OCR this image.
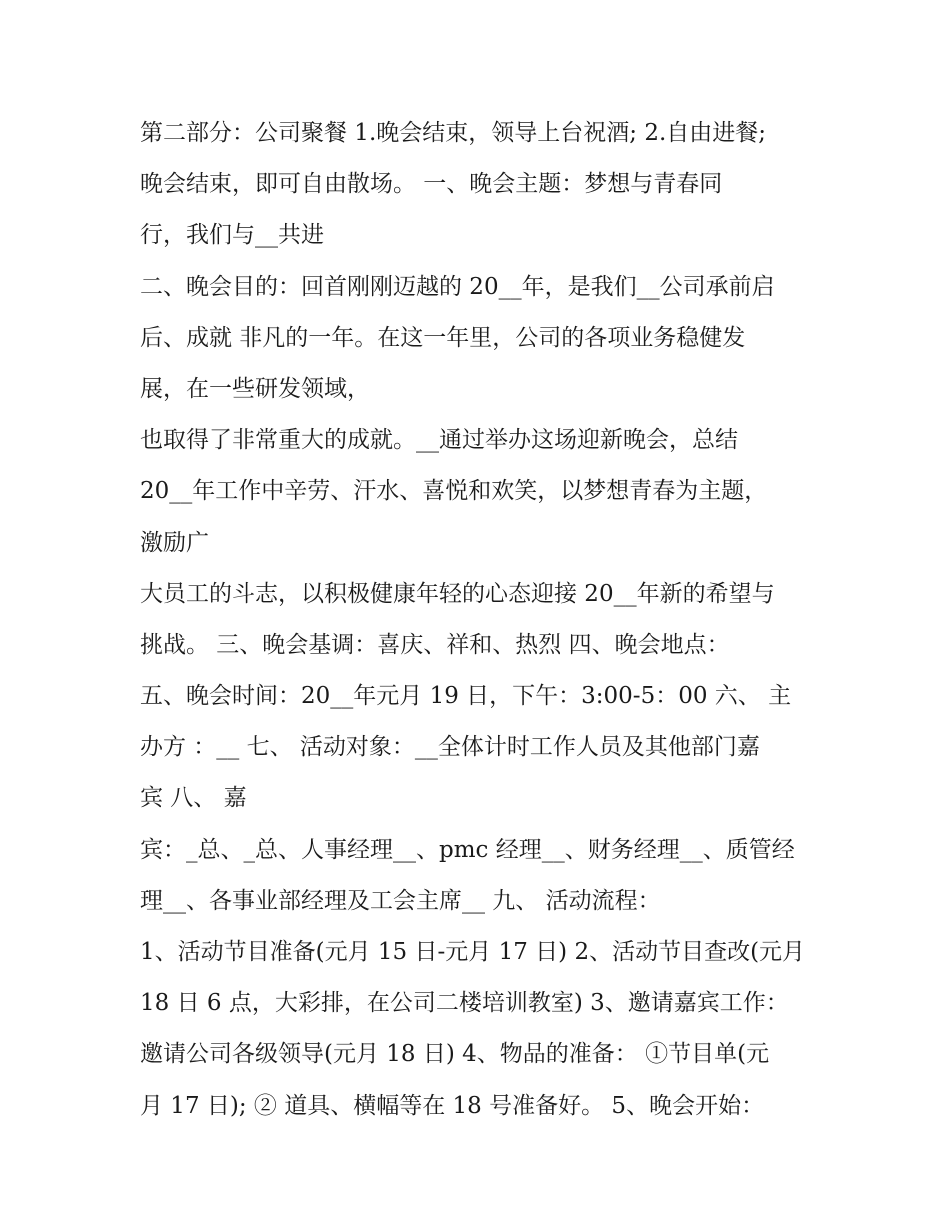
第二部分：公司聚餐 1.晚会结束，领导上台祝酒; 2.自由进餐;
晚会结束，即可自由散场。 一、晚会主题：梦想与青春同
行，我们与__共进
二、晚会目的：回首刚刚迈越的 20__年，是我们__公司承前启
后、成就 非凡的一年。在这一年里，公司的各项业务稳健发
展，在一些研发领域，
也取得了非常重大的成就。__通过举办这场迎新晚会，总结
20__年工作中辛劳、汗水、喜悦和欢笑，以梦想青春为主题，
激励广
大员工的斗志，以积极健康年轻的心态迎接 20__年新的希望与
挑战。 三、晚会基调：喜庆、祥和、热烈 四、晚会地点：
五、晚会时间：20__年元月 19 日，下午：3:00-5：00 六、 主
办方 ：__ 七、 活动对象：__全体计时工作人员及其他部门嘉
宾 八、 嘉
宾：_总、_总、人事经理__、pmc 经理__、财务经理__、质管经
理__、各事业部经理及工会主席__ 九、 活动流程：
1、活动节目准备(元月 15 日-元月 17 日) 2、活动节目查改(元月
18 日 6 点，大彩排，在公司二楼培训教室) 3、邀请嘉宾工作：
邀请公司各级领导(元月 18 日) 4、物品的准备： ①节目单(元
月 17 日); ② 道具、横幅等在 18 号准备好。 5、晚会开始：
